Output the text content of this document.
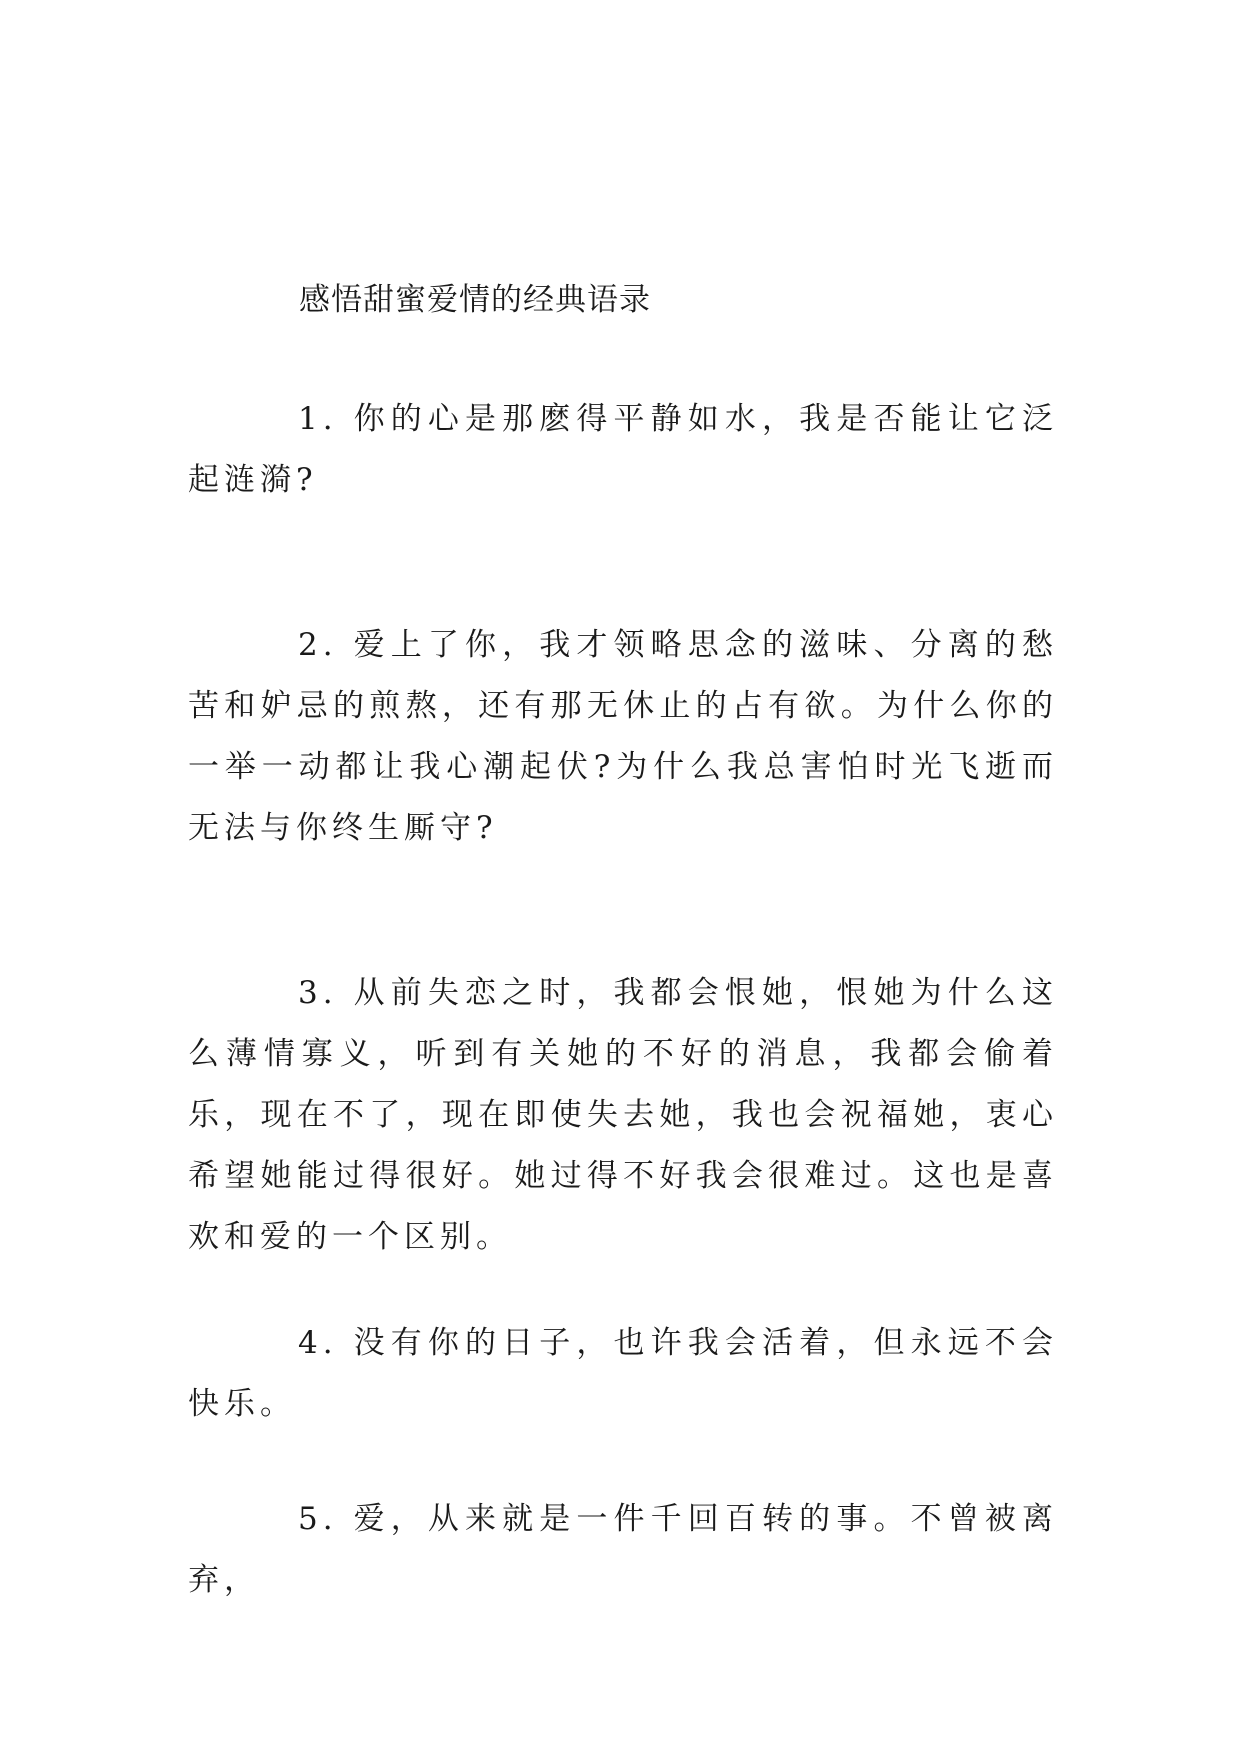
感悟甜蜜爱情的经典语录

1. 你的心是那麽得平静如水，我是否能让它泛起涟漪?

2. 爱上了你，我才领略思念的滋味、分离的愁苦和妒忌的煎熬，还有那无休止的占有欲。为什么你的一举一动都让我心潮起伏?为什么我总害怕时光飞逝而无法与你终生厮守?

3. 从前失恋之时，我都会恨她，恨她为什么这么薄情寡义，听到有关她的不好的消息，我都会偷着乐，现在不了，现在即使失去她，我也会祝福她，衷心希望她能过得很好。她过得不好我会很难过。这也是喜欢和爱的一个区别。

4. 没有你的日子，也许我会活着，但永远不会快乐。

5. 爱，从来就是一件千回百转的事。不曾被离弃，
